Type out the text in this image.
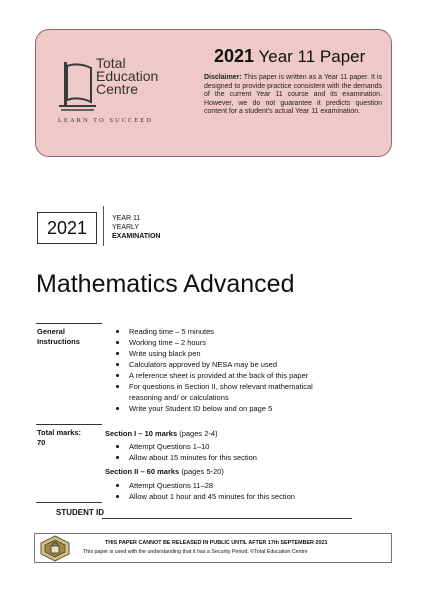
Total
Education
Centre
LEARN TO SUCCEED
2021 Year 11 Paper
Disclaimer: This paper is written as a Year 11 paper. It is designed to provide practice consistent with the demands of the current Year 11 course and its examination. However, we do not guarantee it predicts question content for a student's actual Year 11 examination.
2021	YEAR 11
YEARLY
EXAMINATION
Mathematics Advanced
General
Instructions
Reading time – 5 minutes
Working time – 2 hours
Write using black pen
Calculators approved by NESA may be used
A reference sheet is provided at the back of this paper
For questions in Section II, show relevant mathematical
reasoning and/ or calculations
Write your Student ID below and on page 5
Total marks:
70
Section I – 10 marks (pages 2-4)
Attempt Questions 1–10
Allow about 15 minutes for this section
Section II – 60 marks (pages 5-20)
Attempt Questions 11–28
Allow about 1 hour and 45 minutes for this section
STUDENT ID
THIS PAPER CANNOT BE RELEASED IN PUBLIC UNTIL AFTER 17th SEPTEMBER 2021
This paper is used with the understanding that it has a Security Period. ©Total Education Centre
